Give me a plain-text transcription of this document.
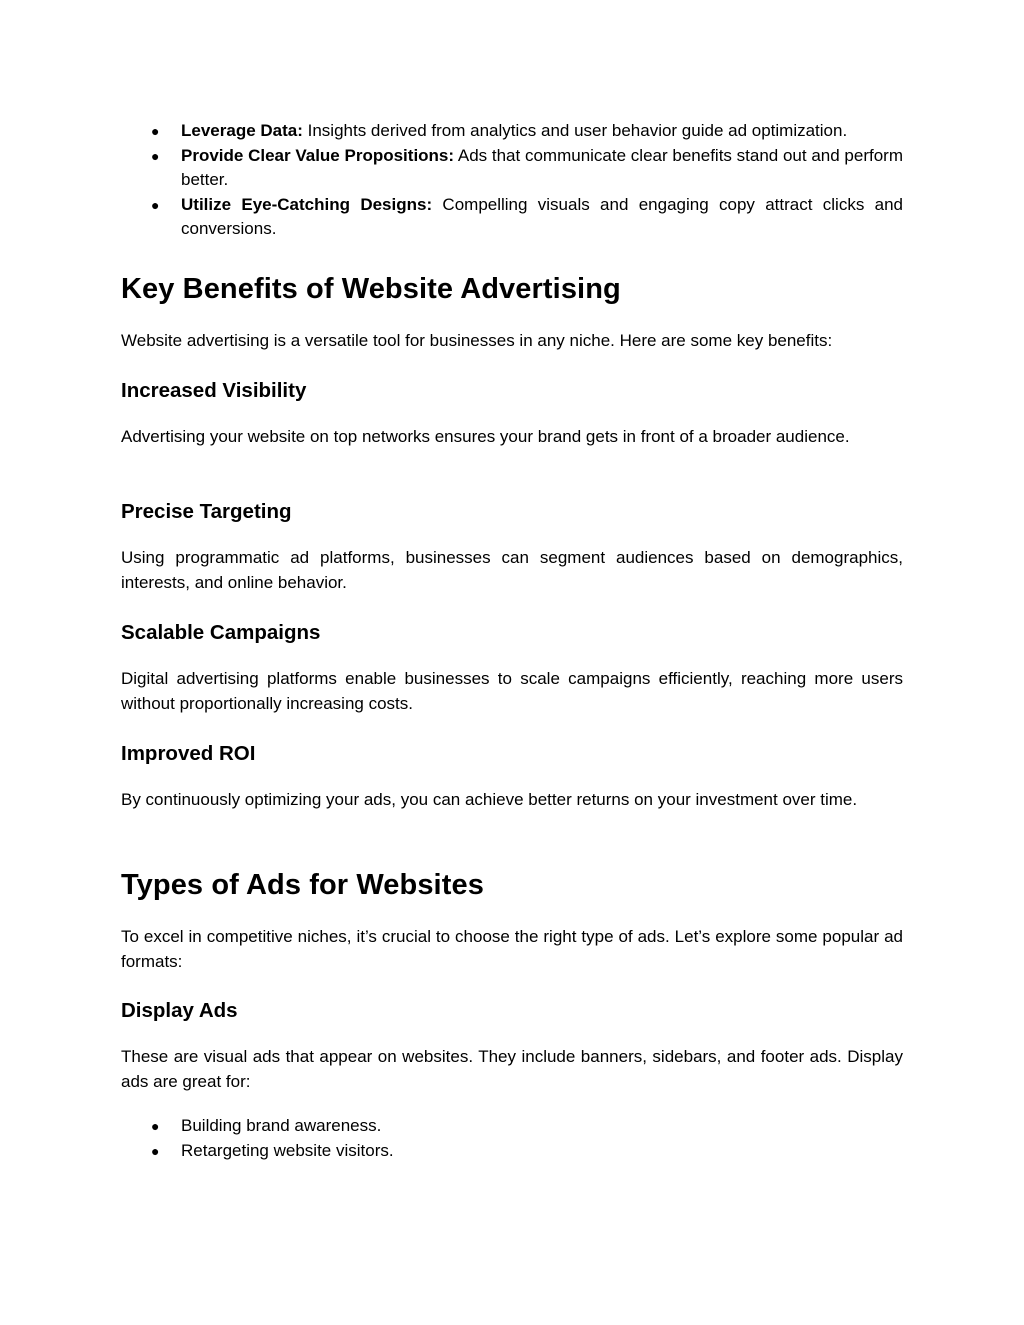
● Leverage Data: Insights derived from analytics and user behavior guide ad optimization.
● Provide Clear Value Propositions: Ads that communicate clear benefits stand out and perform better.
● Utilize Eye-Catching Designs: Compelling visuals and engaging copy attract clicks and conversions.
Key Benefits of Website Advertising

Website advertising is a versatile tool for businesses in any niche. Here are some key benefits:

Increased Visibility

Advertising your website on top networks ensures your brand gets in front of a broader audience.

Precise Targeting

Using programmatic ad platforms, businesses can segment audiences based on demographics, interests, and online behavior.

Scalable Campaigns

Digital advertising platforms enable businesses to scale campaigns efficiently, reaching more users without proportionally increasing costs.

Improved ROI

By continuously optimizing your ads, you can achieve better returns on your investment over time.

Types of Ads for Websites

To excel in competitive niches, it’s crucial to choose the right type of ads. Let’s explore some popular ad formats:

Display Ads

These are visual ads that appear on websites. They include banners, sidebars, and footer ads. Display ads are great for:

● Building brand awareness.
● Retargeting website visitors.
